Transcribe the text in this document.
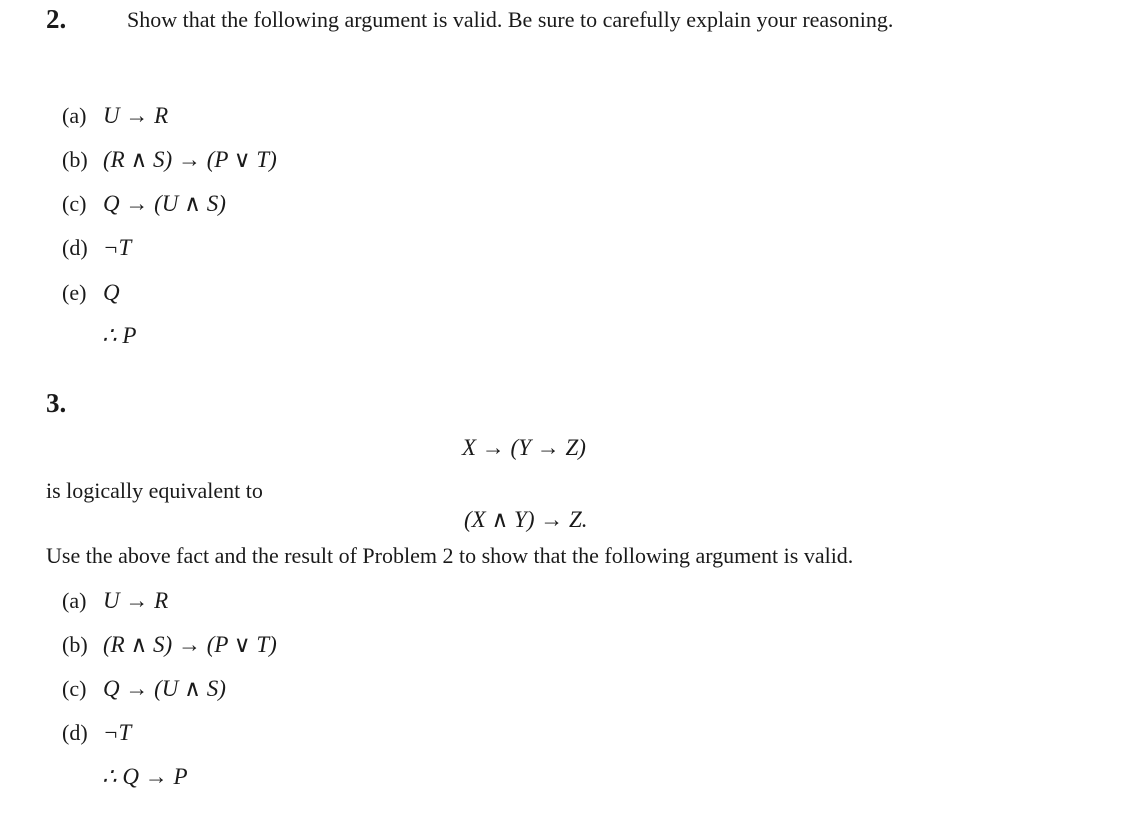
2.	Show that the following argument is valid. Be sure to carefully explain your reasoning.
(a) U → R
(b) (R ∧ S) → (P ∨ T)
(c) Q → (U ∧ S)
(d) ¬T
(e) Q
∴ P
3.
X → (Y → Z)
is logically equivalent to
(X ∧ Y) → Z.
Use the above fact and the result of Problem 2 to show that the following argument is valid.
(a) U → R
(b) (R ∧ S) → (P ∨ T)
(c) Q → (U ∧ S)
(d) ¬T
∴ Q → P
